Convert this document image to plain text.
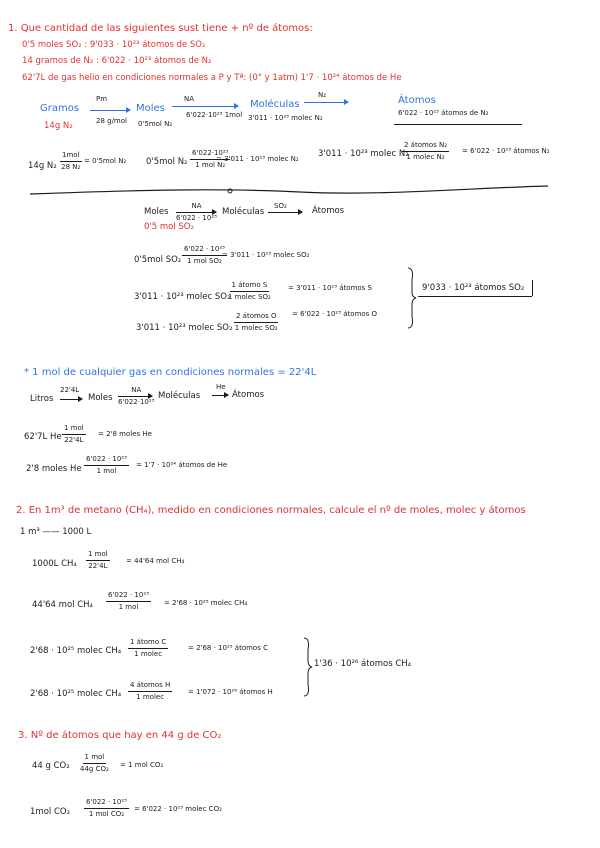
1. Que cantidad de las siguientes sust tiene + nº de átomos:
0'5 moles SO₂ : 9'033 · 10²³ átomos de SO₂
14 gramos de N₂ : 6'022 · 10²³ átomos de N₂
62'7L de gas helio en condiciones normales a P y Tª: (0° y 1atm) 1'7 · 10²⁴ átomos de He
Gramos
Pm
Moles
NA	Moléculas
N₂	Átomos
14g N₂	28 g/mol 0'5mol N₂
6'022·10²³ 1mol 3'011 · 10²³ molec N₂
6'022 · 10²³ átomos de N₂
14g N₂
1mol
28 N₂
= 0'5mol N₂ 0'5mol N₂
6'022·10²³
1 mol N₂
= 3'011 · 10²³ molec N₂ 3'011 · 10²³ molec N₂
2 átomos N₂
1 molec N₂
= 6'022 · 10²³ átomos N₂
Moles $\frac{NA}{\text{6'022 · 10²³}}$ Moléculas
SO₂	Átomos
0'5 mol SO₂
0'5mol SO₂
6'022 · 10²³
1 mol SO₂
= 3'011 · 10²³ molec SO₂
3'011 · 10²³ molec SO₂
1 átomo S
1 molec SO₂
= 3'011 · 10²³ átomos S
3'011 · 10²³ molec SO₂
2 átomos O
1 molec SO₂
= 6'022 · 10²³ átomos O
9'033 · 10²³ átomos SO₂
* 1 mol de cualquier gas en condiciones normales = 22'4L
Litros
22'4L
Moles $\frac{NA}{\text{6'022·10²³}}$ Moléculas
He
Átomos
62'7L He
1 mol
22'4L
= 2'8 moles He
2'8 moles He
6'022 · 10²³
1 mol
= 1'7 · 10²⁴ átomos de He
2. En 1m³ de metano (CH₄), medido en condiciones normales, calcule el nº de moles, molec y átomos
1 m³ —— 1000 L
1000L CH₄
1 mol
22'4L
= 44'64 mol CH₄
44'64 mol CH₄
6'022 · 10²³
1 mol	= 2'68 · 10²⁵ molec CH₄
2'68 · 10²⁵ molec CH₄
1 átomo C
1 molec
= 2'68 · 10²⁵ átomos C
2'68 · 10²⁵ molec CH₄
4 átomos H
1 molec
= 1'072 · 10²⁶ átomos H
1'36 · 10²⁶ átomos CH₄
3. Nº de átomos que hay en 44 g de CO₂
44 g CO₂
1 mol
44g CO₂ = 1 mol CO₂
1mol CO₂
6'022 · 10²³
1 mol CO₂
= 6'022 · 10²³ molec CO₂
